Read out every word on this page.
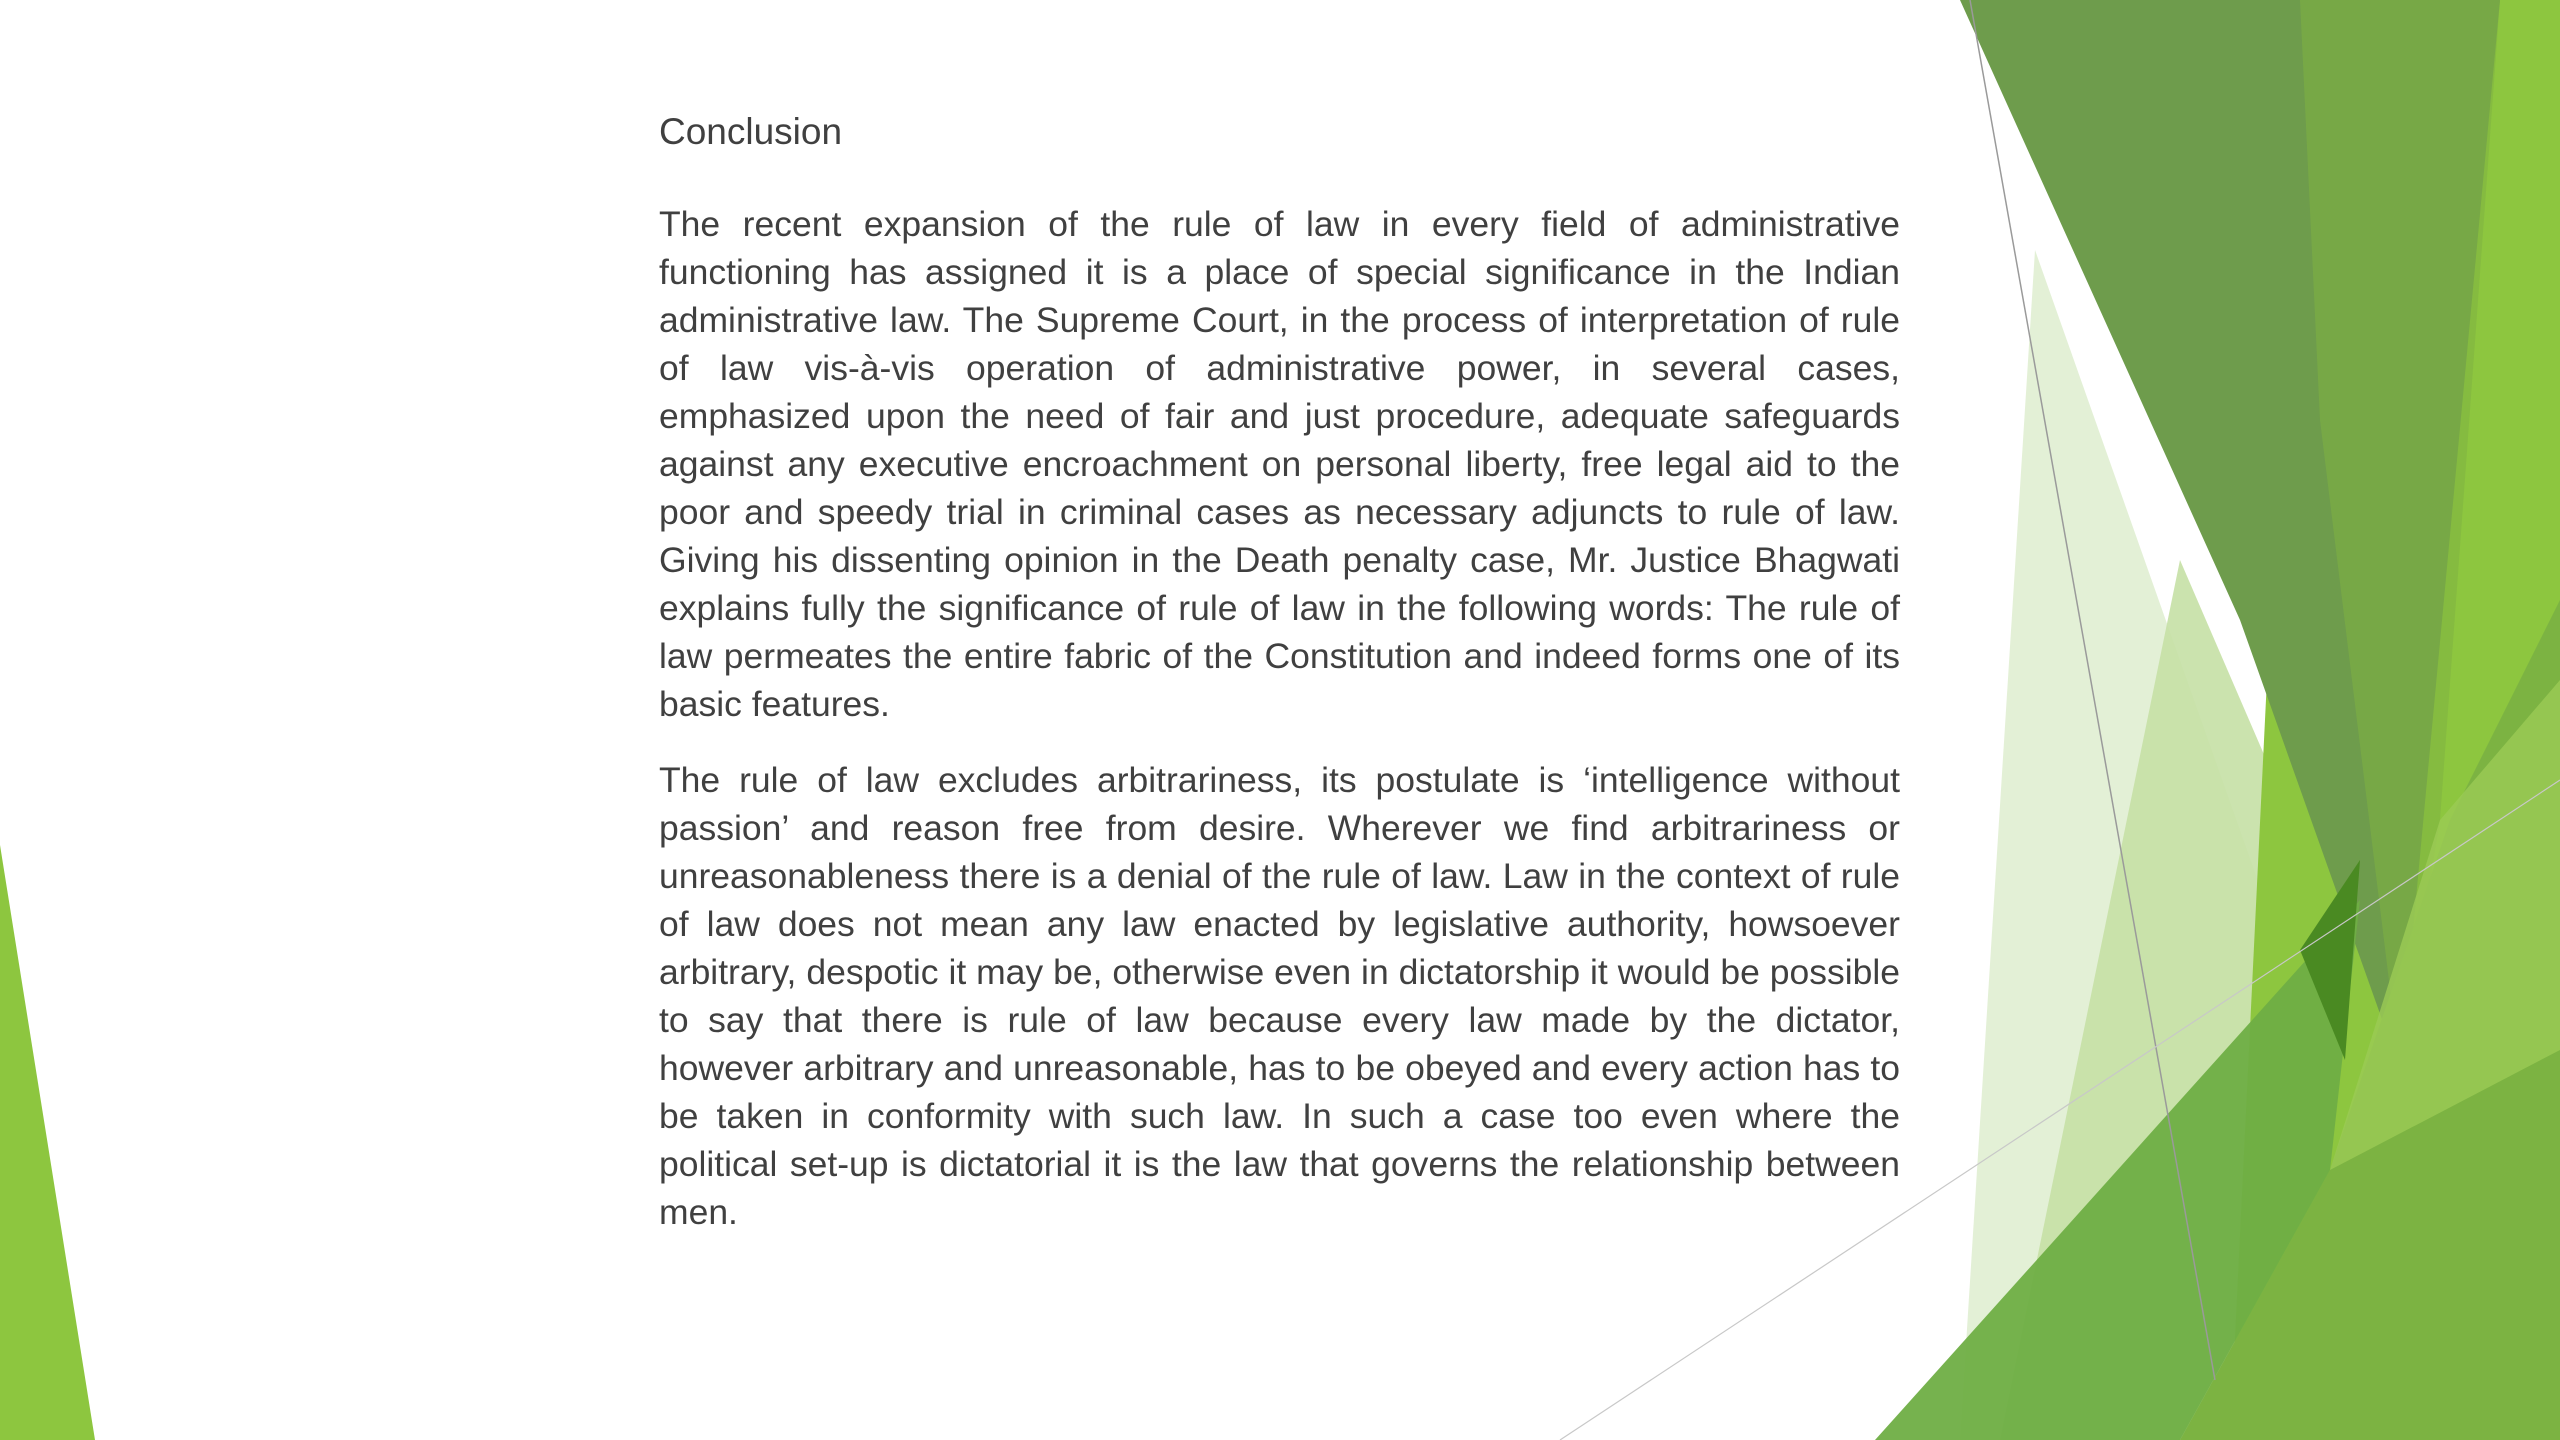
Conclusion

The recent expansion of the rule of law in every field of administrative functioning has assigned it is a place of special significance in the Indian administrative law. The Supreme Court, in the process of interpretation of rule of law vis-à-vis operation of administrative power, in several cases, emphasized upon the need of fair and just procedure, adequate safeguards against any executive encroachment on personal liberty, free legal aid to the poor and speedy trial in criminal cases as necessary adjuncts to rule of law. Giving his dissenting opinion in the Death penalty case, Mr. Justice Bhagwati explains fully the significance of rule of law in the following words: The rule of law permeates the entire fabric of the Constitution and indeed forms one of its basic features.

The rule of law excludes arbitrariness, its postulate is ‘intelligence without passion’ and reason free from desire. Wherever we find arbitrariness or unreasonableness there is a denial of the rule of law. Law in the context of rule of law does not mean any law enacted by legislative authority, howsoever arbitrary, despotic it may be, otherwise even in dictatorship it would be possible to say that there is rule of law because every law made by the dictator, however arbitrary and unreasonable, has to be obeyed and every action has to be taken in conformity with such law. In such a case too even where the political set-up is dictatorial it is the law that governs the relationship between men.
